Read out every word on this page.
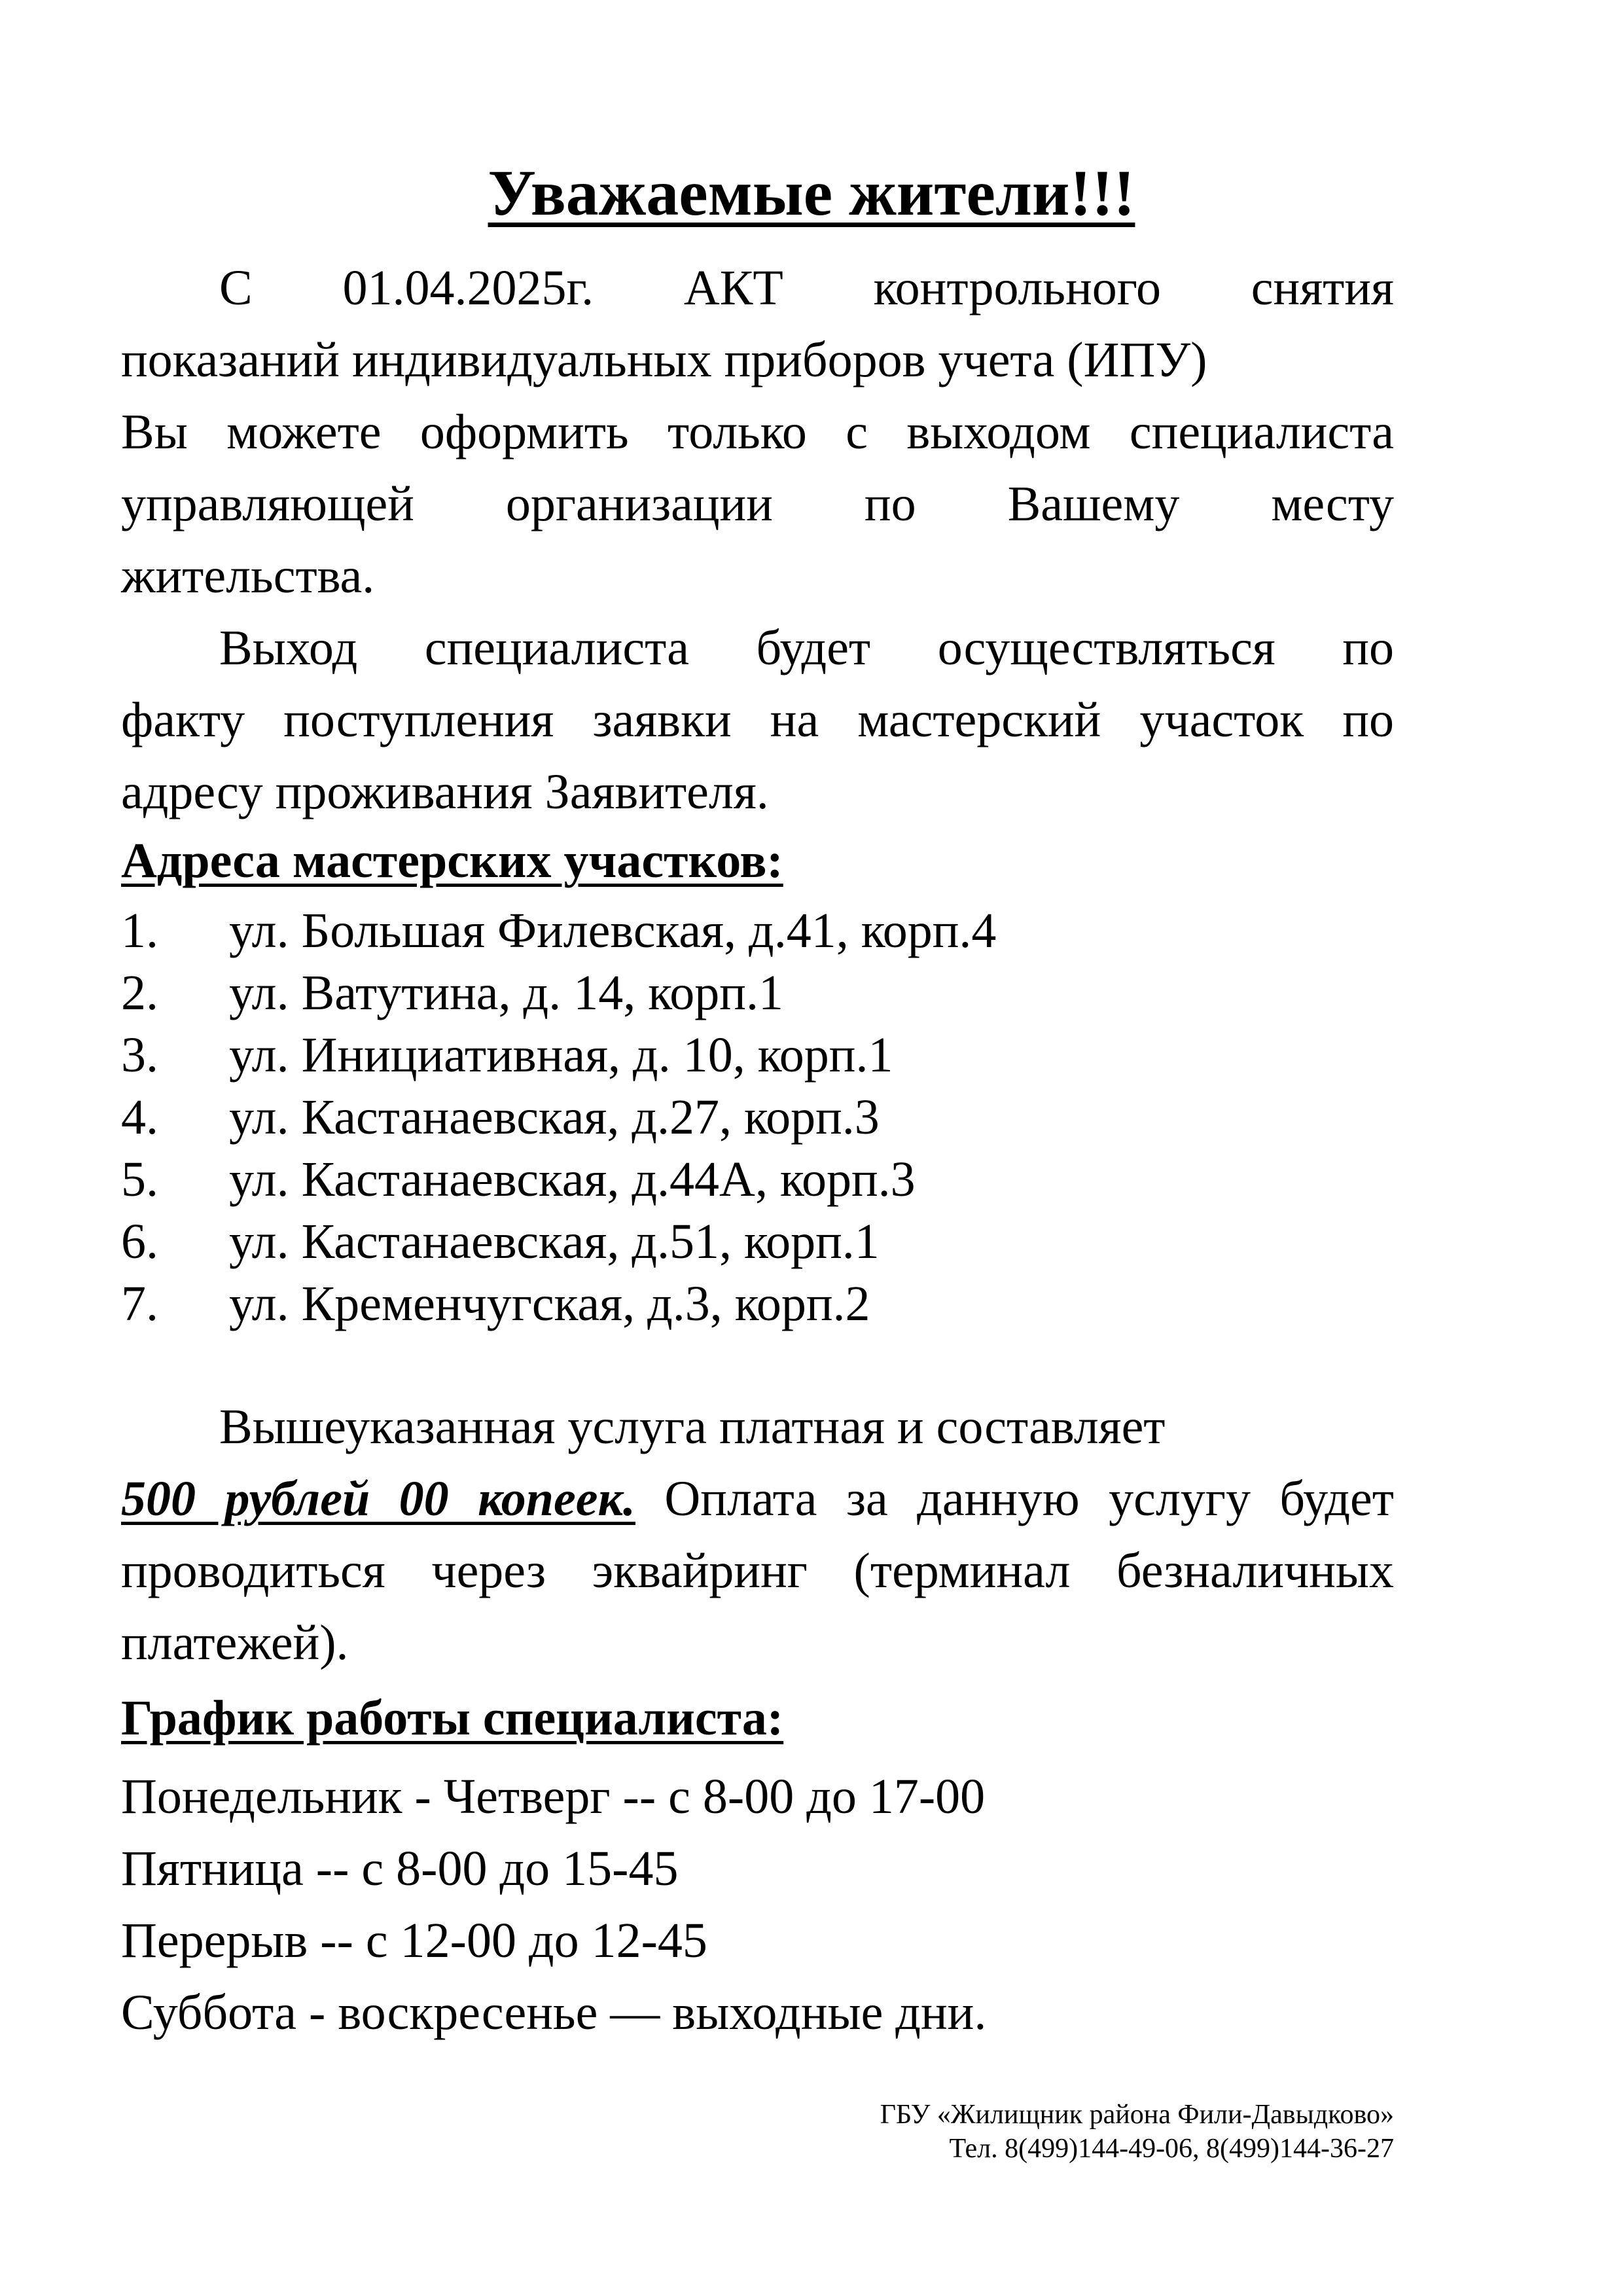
Уважаемые жители!!!
С 01.04.2025г. АКТ контрольного снятия
показаний индивидуальных приборов учета (ИПУ)
Вы можете оформить только с выходом специалиста
управляющей организации по Вашему месту
жительства.
Выход специалиста будет осуществляться по
факту поступления заявки на мастерский участок по
адресу проживания Заявителя.
Адреса мастерских участков:
1.	ул. Большая Филевская, д.41, корп.4
2.	ул. Ватутина, д. 14, корп.1
3.	ул. Инициативная, д. 10, корп.1
4.	ул. Кастанаевская, д.27, корп.3
5.	ул. Кастанаевская, д.44А, корп.3
6.	ул. Кастанаевская, д.51, корп.1
7.	ул. Кременчугская, д.3, корп.2
Вышеуказанная услуга платная и составляет
500 рублей 00 копеек. Оплата за данную услугу будет
проводиться через эквайринг (терминал безналичных
платежей).
График работы специалиста:
Понедельник - Четверг -- с 8-00 до 17-00
Пятница -- с 8-00 до 15-45
Перерыв -- с 12-00 до 12-45
Суббота - воскресенье — выходные дни.
ГБУ «Жилищник района Фили-Давыдково»
Тел. 8(499)144-49-06, 8(499)144-36-27
